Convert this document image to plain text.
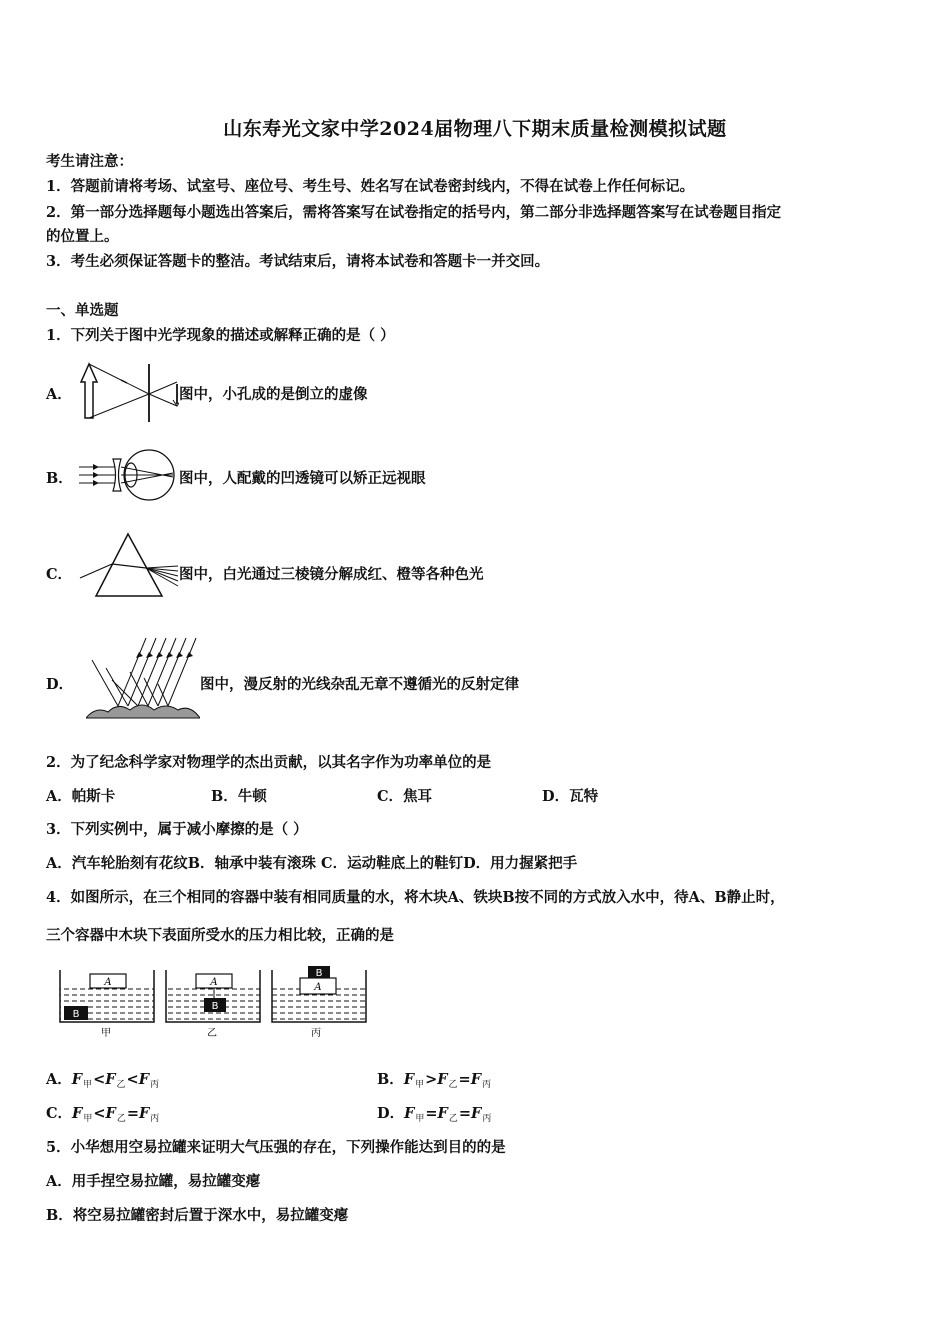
山东寿光文家中学2024届物理八下期末质量检测模拟试题
考生请注意：
1．答题前请将考场、试室号、座位号、考生号、姓名写在试卷密封线内，不得在试卷上作任何标记。
2．第一部分选择题每小题选出答案后，需将答案写在试卷指定的括号内，第二部分非选择题答案写在试卷题目指定
的位置上。
3．考生必须保证答题卡的整洁。考试结束后，请将本试卷和答题卡一并交回。
一、单选题
1．下列关于图中光学现象的描述或解释正确的是（ ）
A．	图中，小孔成的是倒立的虚像
B．	图中，人配戴的凹透镜可以矫正远视眼
C．	图中，白光通过三棱镜分解成红、橙等各种色光
D．	图中，漫反射的光线杂乱无章不遵循光的反射定律
2．为了纪念科学家对物理学的杰出贡献，以其名字作为功率单位的是
A．帕斯卡	B．牛顿	C．焦耳	D．瓦特
3．下列实例中，属于减小摩擦的是（ ）
A．汽车轮胎刻有花纹B．轴承中装有滚珠 C．运动鞋底上的鞋钉D．用力握紧把手
4．如图所示，在三个相同的容器中装有相同质量的水，将木块A、铁块B按不同的方式放入水中，待A、B静止时，
三个容器中木块下表面所受水的压力相比较，正确的是
A
B
甲
A
B
乙
A
B
丙
A．$F_甲<F_乙<F_丙$	B．$F_甲>F_乙=F_丙$
C．$F_甲<F_乙=F_丙$	D．$F_甲=F_乙=F_丙$
5．小华想用空易拉罐来证明大气压强的存在，下列操作能达到目的的是
A．用手捏空易拉罐，易拉罐变瘪
B．将空易拉罐密封后置于深水中，易拉罐变瘪
